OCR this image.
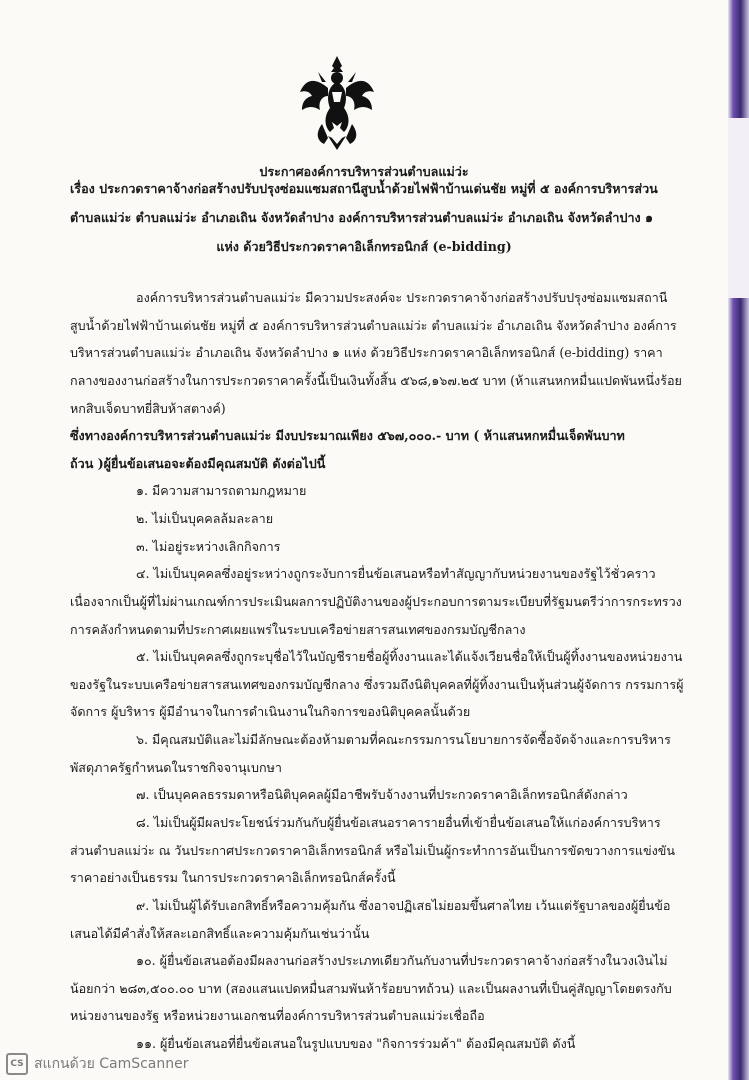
ประกาศองค์การบริหารส่วนตำบลแม่ว่ะ
เรื่อง ประกวดราคาจ้างก่อสร้างปรับปรุงซ่อมแซมสถานีสูบน้ำด้วยไฟฟ้าบ้านเด่นชัย หมู่ที่ ๕ องค์การบริหารส่วน
ตำบลแม่ว่ะ ตำบลแม่ว่ะ อำเภอเถิน จังหวัดลำปาง องค์การบริหารส่วนตำบลแม่ว่ะ อำเภอเถิน จังหวัดลำปาง ๑
แห่ง ด้วยวิธีประกวดราคาอิเล็กทรอนิกส์ (e-bidding)
องค์การบริหารส่วนตำบลแม่ว่ะ มีความประสงค์จะ ประกวดราคาจ้างก่อสร้างปรับปรุงซ่อมแซมสถานี
สูบน้ำด้วยไฟฟ้าบ้านเด่นชัย หมู่ที่ ๕ องค์การบริหารส่วนตำบลแม่ว่ะ ตำบลแม่ว่ะ อำเภอเถิน จังหวัดลำปาง องค์การ
บริหารส่วนตำบลแม่ว่ะ อำเภอเถิน จังหวัดลำปาง ๑ แห่ง ด้วยวิธีประกวดราคาอิเล็กทรอนิกส์ (e-bidding) ราคา
กลางของงานก่อสร้างในการประกวดราคาครั้งนี้เป็นเงินทั้งสิ้น ๕๖๘,๑๖๗.๒๕ บาท (ห้าแสนหกหมื่นแปดพันหนึ่งร้อย
หกสิบเจ็ดบาทยี่สิบห้าสตางค์)
ซึ่งทางองค์การบริหารส่วนตำบลแม่ว่ะ มีงบประมาณเพียง ๕๖๗,๐๐๐.- บาท ( ห้าแสนหกหมื่นเจ็ดพันบาท
ถ้วน )ผู้ยื่นข้อเสนอจะต้องมีคุณสมบัติ ดังต่อไปนี้
๑. มีความสามารถตามกฎหมาย
๒. ไม่เป็นบุคคลล้มละลาย
๓. ไม่อยู่ระหว่างเลิกกิจการ
๔. ไม่เป็นบุคคลซึ่งอยู่ระหว่างถูกระงับการยื่นข้อเสนอหรือทำสัญญากับหน่วยงานของรัฐไว้ชั่วคราว
เนื่องจากเป็นผู้ที่ไม่ผ่านเกณฑ์การประเมินผลการปฏิบัติงานของผู้ประกอบการตามระเบียบที่รัฐมนตรีว่าการกระทรวง
การคลังกำหนดตามที่ประกาศเผยแพร่ในระบบเครือข่ายสารสนเทศของกรมบัญชีกลาง
๕. ไม่เป็นบุคคลซึ่งถูกระบุชื่อไว้ในบัญชีรายชื่อผู้ทิ้งงานและได้แจ้งเวียนชื่อให้เป็นผู้ทิ้งงานของหน่วยงาน
ของรัฐในระบบเครือข่ายสารสนเทศของกรมบัญชีกลาง ซึ่งรวมถึงนิติบุคคลที่ผู้ทิ้งงานเป็นหุ้นส่วนผู้จัดการ กรรมการผู้
จัดการ ผู้บริหาร ผู้มีอำนาจในการดำเนินงานในกิจการของนิติบุคคลนั้นด้วย
๖. มีคุณสมบัติและไม่มีลักษณะต้องห้ามตามที่คณะกรรมการนโยบายการจัดซื้อจัดจ้างและการบริหาร
พัสดุภาครัฐกำหนดในราชกิจจานุเบกษา
๗. เป็นบุคคลธรรมดาหรือนิติบุคคลผู้มีอาชีพรับจ้างงานที่ประกวดราคาอิเล็กทรอนิกส์ดังกล่าว
๘. ไม่เป็นผู้มีผลประโยชน์ร่วมกันกับผู้ยื่นข้อเสนอราคารายอื่นที่เข้ายื่นข้อเสนอให้แก่องค์การบริหาร
ส่วนตำบลแม่ว่ะ ณ วันประกาศประกวดราคาอิเล็กทรอนิกส์ หรือไม่เป็นผู้กระทำการอันเป็นการขัดขวางการแข่งขัน
ราคาอย่างเป็นธรรม ในการประกวดราคาอิเล็กทรอนิกส์ครั้งนี้
๙. ไม่เป็นผู้ได้รับเอกสิทธิ์หรือความคุ้มกัน ซึ่งอาจปฏิเสธไม่ยอมขึ้นศาลไทย เว้นแต่รัฐบาลของผู้ยื่นข้อ
เสนอได้มีคำสั่งให้สละเอกสิทธิ์และความคุ้มกันเช่นว่านั้น
๑๐. ผู้ยื่นข้อเสนอต้องมีผลงานก่อสร้างประเภทเดียวกันกับงานที่ประกวดราคาจ้างก่อสร้างในวงเงินไม่
น้อยกว่า ๒๘๓,๕๐๐.๐๐ บาท (สองแสนแปดหมื่นสามพันห้าร้อยบาทถ้วน) และเป็นผลงานที่เป็นคู่สัญญาโดยตรงกับ
หน่วยงานของรัฐ หรือหน่วยงานเอกชนที่องค์การบริหารส่วนตำบลแม่ว่ะเชื่อถือ
๑๑. ผู้ยื่นข้อเสนอที่ยื่นข้อเสนอในรูปแบบของ "กิจการร่วมค้า" ต้องมีคุณสมบัติ ดังนี้
CS สแกนด้วย CamScanner
